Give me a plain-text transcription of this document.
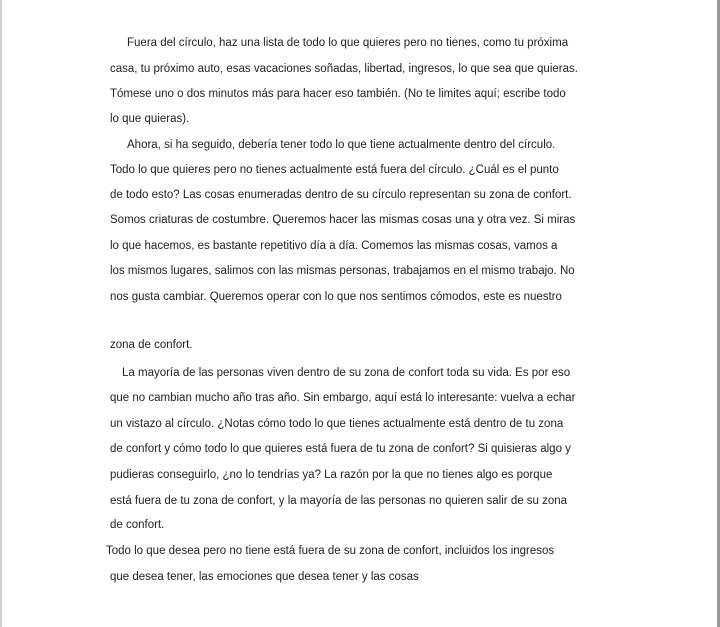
Fuera del círculo, haz una lista de todo lo que quieres pero no tienes, como tu próxima

casa, tu próximo auto, esas vacaciones soñadas, libertad, ingresos, lo que sea que quieras.

Tómese uno o dos minutos más para hacer eso también. (No te limites aquí; escribe todo

lo que quieras).

Ahora, si ha seguido, debería tener todo lo que tiene actualmente dentro del círculo.

Todo lo que quieres pero no tienes actualmente está fuera del círculo. ¿Cuál es el punto

de todo esto? Las cosas enumeradas dentro de su círculo representan su zona de confort.

Somos criaturas de costumbre. Queremos hacer las mismas cosas una y otra vez. Si miras

lo que hacemos, es bastante repetitivo día a día. Comemos las mismas cosas, vamos a

los mismos lugares, salimos con las mismas personas, trabajamos en el mismo trabajo. No

nos gusta cambiar. Queremos operar con lo que nos sentimos cómodos, este es nuestro

zona de confort.

La mayoría de las personas viven dentro de su zona de confort toda su vida. Es por eso

que no cambian mucho año tras año. Sin embargo, aquí está lo interesante: vuelva a echar

un vistazo al círculo. ¿Notas cómo todo lo que tienes actualmente está dentro de tu zona

de confort y cómo todo lo que quieres está fuera de tu zona de confort? Si quisieras algo y

pudieras conseguirlo, ¿no lo tendrías ya? La razón por la que no tienes algo es porque

está fuera de tu zona de confort, y la mayoría de las personas no quieren salir de su zona

de confort.

Todo lo que desea pero no tiene está fuera de su zona de confort, incluidos los ingresos

que desea tener, las emociones que desea tener y las cosas
